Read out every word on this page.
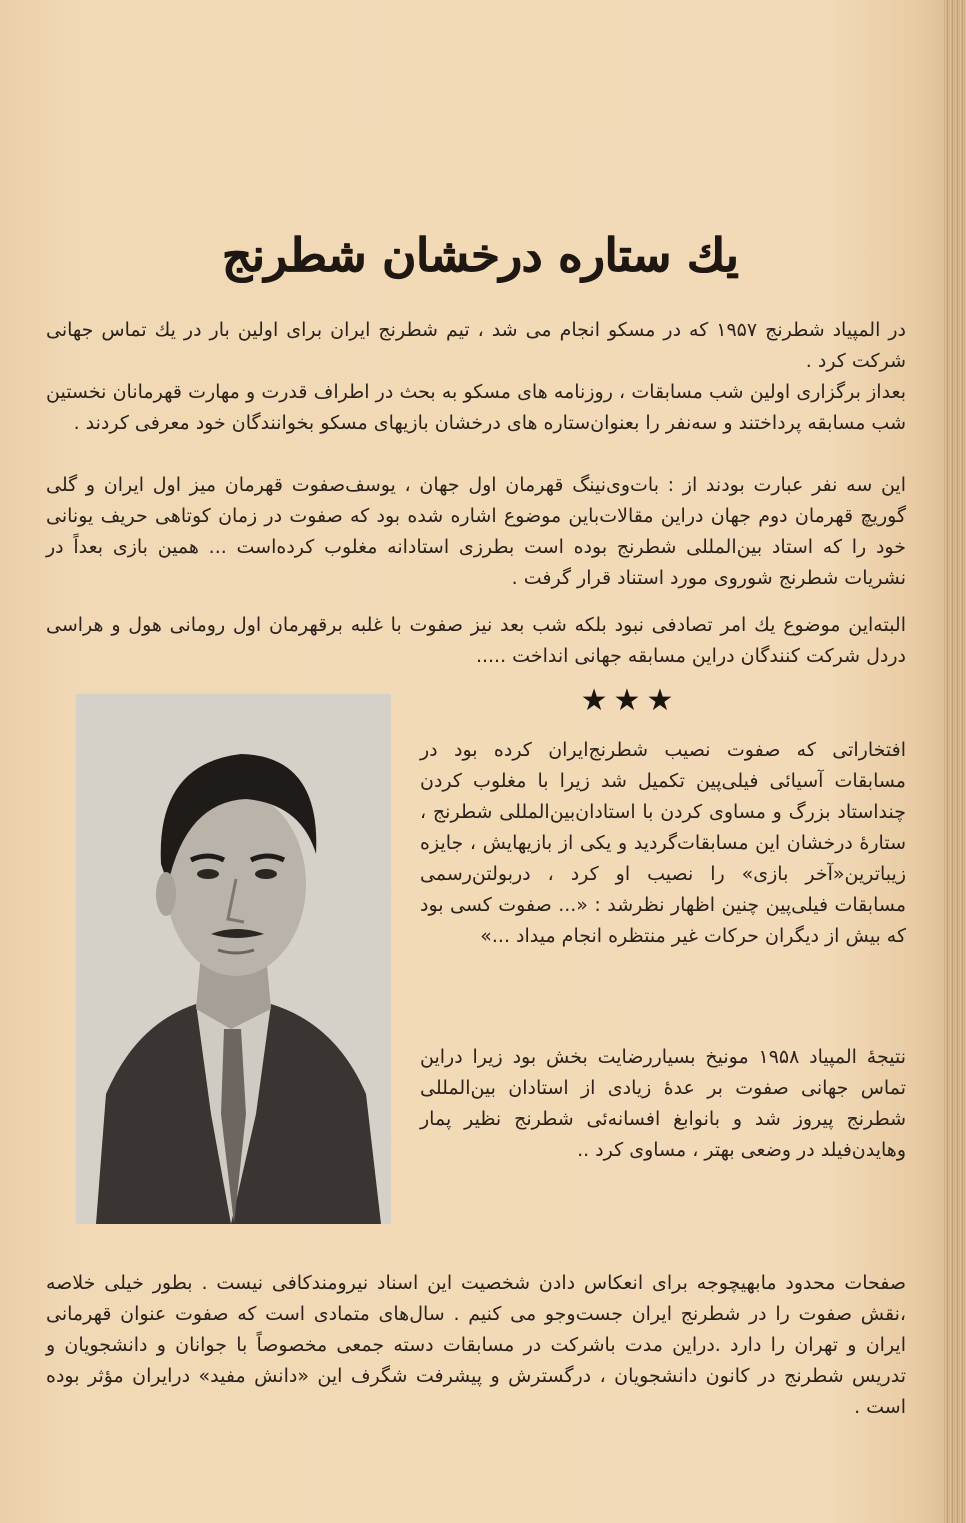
یك ستاره درخشان شطرنج
در المپیاد شطرنج ۱۹۵۷ که در مسکو انجام می شد ، تیم شطرنج ایران برای اولین بار در یك تماس جهانی شرکت کرد .
بعداز برگزاری اولین شب مسابقات ، روزنامه های مسکو به بحث در اطراف قدرت و مهارت قهرمانان نخستین شب مسابقه پرداختند و سه‌نفر را بعنوان‌ستاره های درخشان بازیهای مسکو بخوانندگان خود معرفی کردند .
این سه نفر عبارت بودند از : بات‌وی‌نینگ قهرمان اول جهان ، یوسف‌صفوت قهرمان میز اول ایران و گلی گوریچ قهرمان دوم جهان دراین مقالات‌باین موضوع اشاره شده بود که صفوت در زمان کوتاهی حریف یونانی خود را که استاد بین‌المللی شطرنج بوده است بطرزی استادانه مغلوب کرده‌است ... همین بازی بعداً در نشریات شطرنج شوروی مورد استناد قرار گرفت .
البته‌این موضوع یك امر تصادفی نبود بلکه شب بعد نیز صفوت با غلبه برقهرمان اول رومانی هول و هراسی دردل شرکت کنندگان دراین مسابقه جهانی انداخت .....
★★★
افتخاراتی که صفوت نصیب شطرنج‌ایران کرده بود در مسابقات آسیائی فیلی‌پین تکمیل شد زیرا با مغلوب کردن چنداستاد بزرگ و مساوی کردن با استادان‌بین‌المللی شطرنج ، ستارهٔ درخشان این مسابقات‌گردید و یکی از بازیهایش ، جایزه زیباترین«آخر بازی» را نصیب او کرد ، دربولتن‌رسمی مسابقات فیلی‌پین چنین اظهار نظرشد : «... صفوت کسی بود که بیش از دیگران حرکات غیر منتظره انجام میداد ...»
نتیجهٔ المپیاد ۱۹۵۸ مونیخ بسیاررضایت بخش بود زیرا دراین تماس جهانی صفوت بر عدهٔ زیادی از استادان بین‌المللی شطرنج پیروز شد و بانوابغ افسانه‌ئی شطرنج نظیر پمار وهایدن‌فیلد در وضعی بهتر ، مساوی کرد ..
صفحات محدود مابهیچوجه برای انعکاس دادن شخصیت این اسناد نیرومندکافی نیست . بطور خیلی خلاصه ،نقش صفوت را در شطرنج ایران جست‌وجو می کنیم . سال‌های متمادی است که صفوت عنوان قهرمانی ایران و تهران را دارد .دراین مدت باشرکت در مسابقات دسته جمعی مخصوصاً با جوانان و دانشجویان و تدریس شطرنج در کانون دانشجویان ، درگسترش و پیشرفت شگرف این «دانش مفید» درایران مؤثر بوده است .
